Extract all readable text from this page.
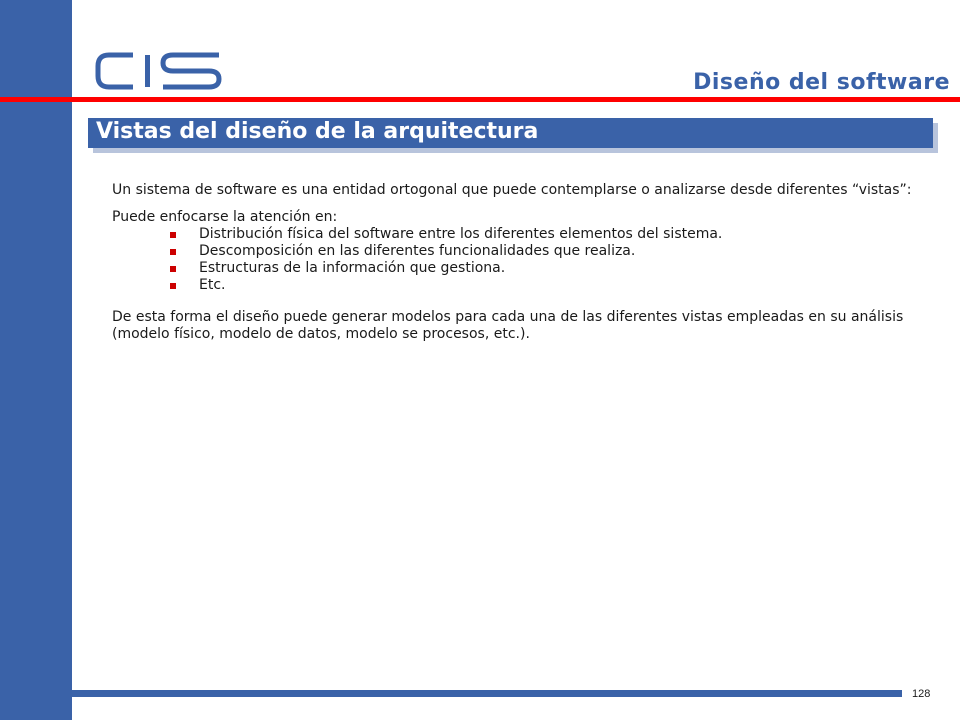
Diseño del software
Vistas del diseño de la arquitectura

Un sistema de software es una entidad ortogonal que puede contemplarse o analizarse desde diferentes “vistas”:

Puede enfocarse la atención en:

Distribución física del software entre los diferentes elementos del sistema.
Descomposición en las diferentes funcionalidades que realiza.
Estructuras de la información que gestiona.
Etc.

De esta forma el diseño puede generar modelos para cada una de las diferentes vistas empleadas en su análisis (modelo físico, modelo de datos, modelo se procesos, etc.).

128
